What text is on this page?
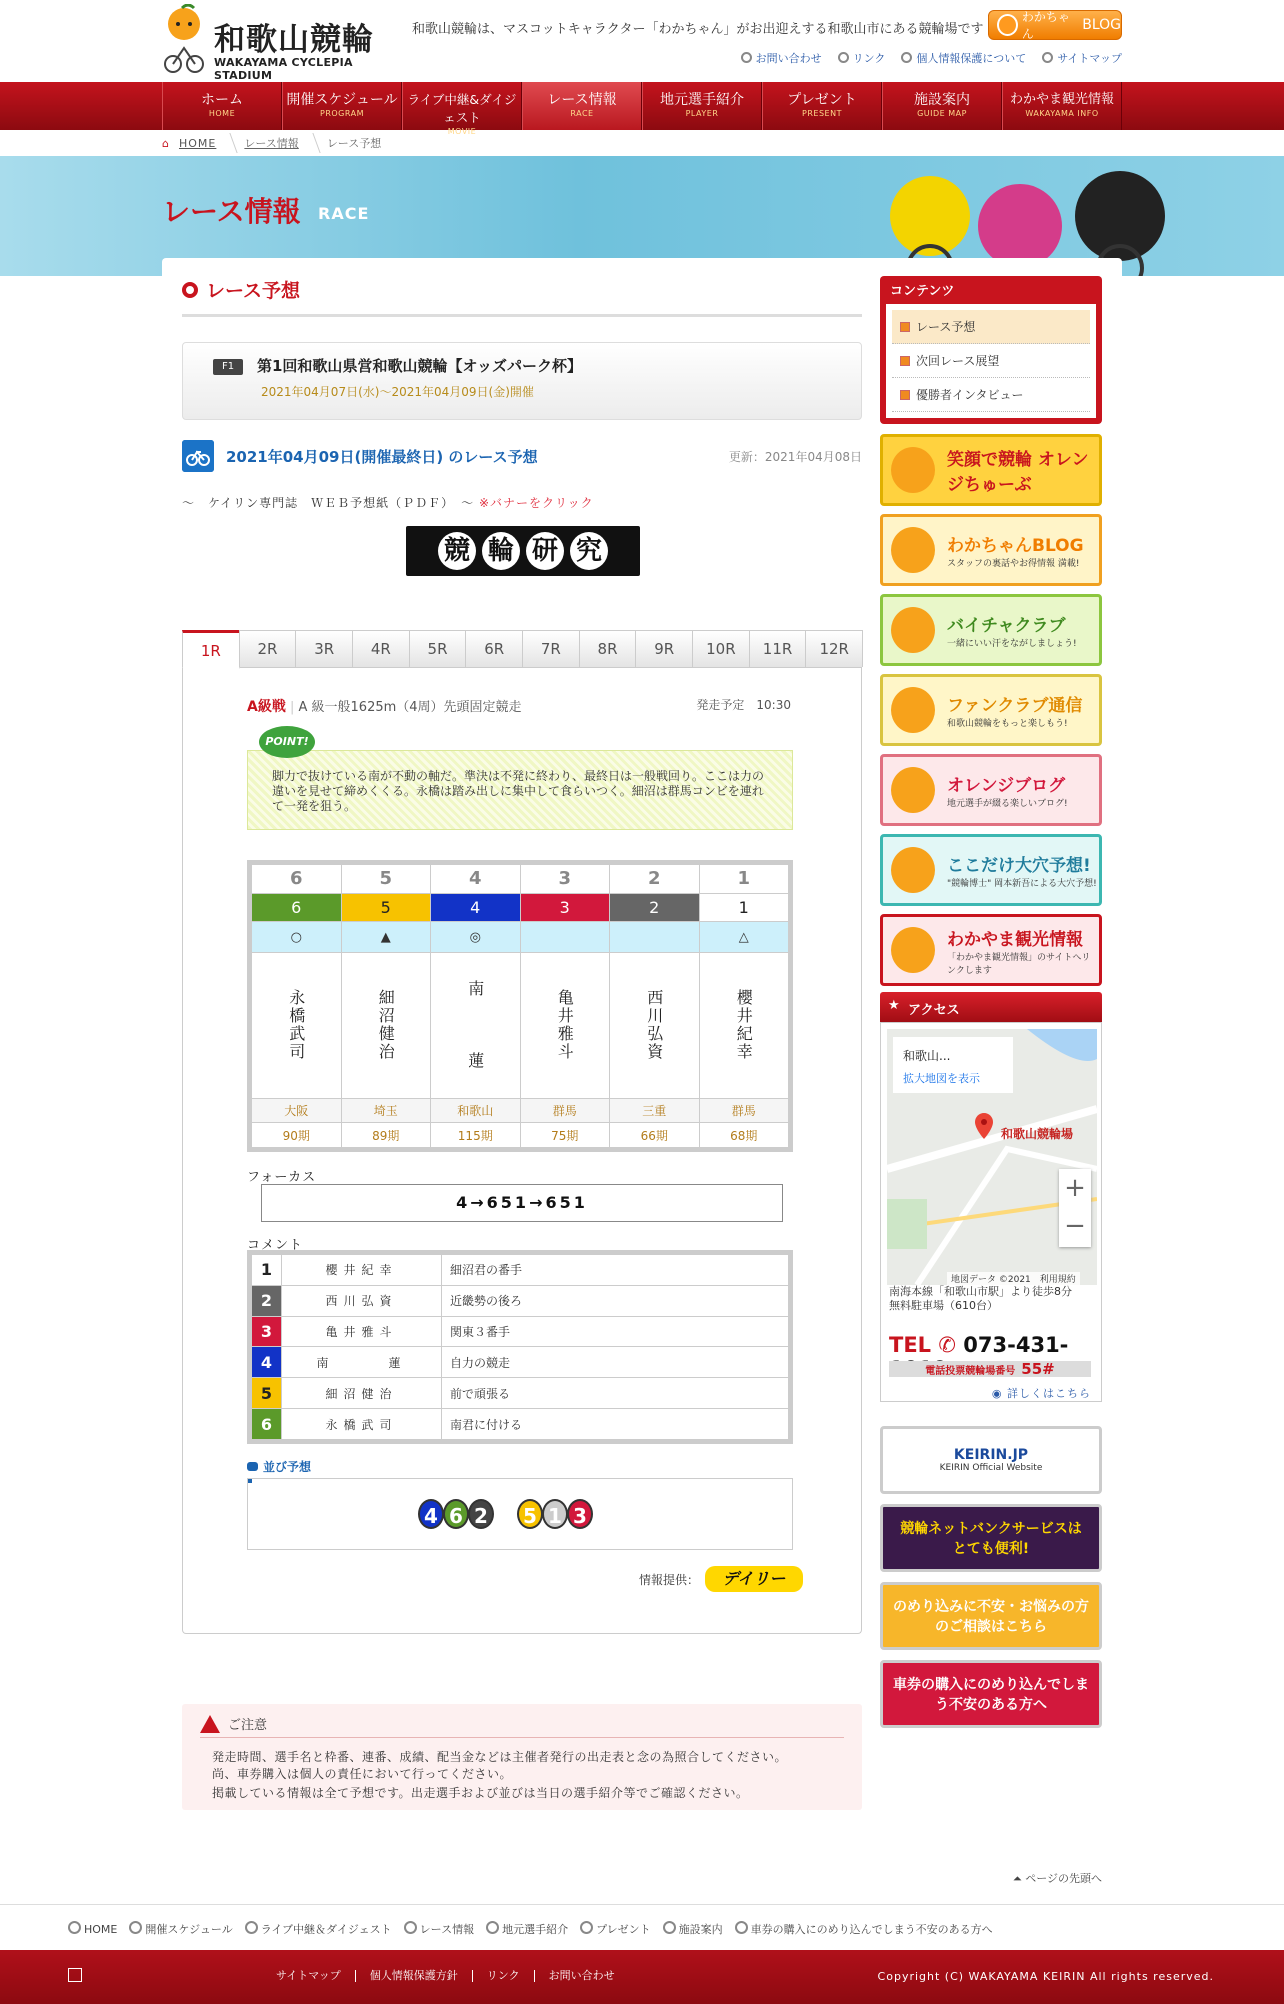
和歌山競輪
WAKAYAMA CYCLEPIA STADIUM
和歌山競輪は、マスコットキャラクター「わかちゃん」がお出迎えする和歌山市にある競輪場です
わかちゃん
BLOG
お問い合わせ	リンク	個人情報保護について	サイトマップ
ホーム
HOME
開催スケジュール
PROGRAM
ライブ中継&ダイジェスト
MOVIE
レース情報
RACE
地元選手紹介
PLAYER
プレゼント
PRESENT
施設案内
GUIDE MAP
わかやま観光情報
WAKAYAMA INFO
⌂ HOME	レース情報	レース予想
レース情報 RACE
レース予想
F1	第1回和歌山県営和歌山競輪【オッズパーク杯】
2021年04月07日(水)～2021年04月09日(金)開催
2021年04月09日(開催最終日) のレース予想	更新：2021年04月08日
～　ケイリン専門誌　ＷＥＢ予想紙（ＰＤＦ）　～ ※バナーをクリック
競 輪 研 究
1R	2R	3R	4R	5R	6R	7R	8R	9R	10R	11R	12R
A級戦 | A 級一般1625m（4周）先頭固定競走	発走予定　10:30
脚力で抜けている南が不動の軸だ。準決は不発に終わり、最終日は一般戦回り。ここは力の違いを見せて締めくくる。永橋は踏み出しに集中して食らいつく。細沼は群馬コンビを連れて一発を狙う。
POINT!
6	5	4	3	2	1
6	5	4	3	2	1
○	▲	◎			△
永橋武司	細沼健治	南　　　蓮	亀井雅斗	西川弘資	櫻井紀幸
大阪	埼玉	和歌山	群馬	三重	群馬
90期	89期	115期	75期	66期	68期
フォーカス
4→651→651
コメント
1	櫻井紀幸	細沼君の番手
2	西川弘資	近畿勢の後ろ
3	亀井雅斗	関東３番手
4	南　　　蓮	自力の競走
5	細沼健治	前で頑張る
6	永橋武司	南君に付ける
並び予想
4 6 2	5 1 3
情報提供：	デイリー
ご注意

発走時間、選手名と枠番、連番、成績、配当金などは主催者発行の出走表と念の為照合してください。

尚、車券購入は個人の責任において行ってください。

掲載している情報は全て予想です。出走選手および並びは当日の選手紹介等でご確認ください。

コンテンツ
レース予想
次回レース展望
優勝者インタビュー
笑顔で競輪 オレンジちゅーぶ
わかちゃんBLOG
スタッフの裏話やお得情報 満載!
バイチャクラブ
一緒にいい汗をながしましょう!
ファンクラブ通信
和歌山競輪をもっと楽しもう!
オレンジブログ
地元選手が綴る楽しいブログ!
ここだけ大穴予想!
"競輪博士" 岡本新吾による大穴予想!
わかやま観光情報
「わかやま観光情報」のサイトへリンクします
★ アクセス
和歌山...
拡大地図を表示
和歌山競輪場
+
−
地図データ ©2021　利用規約
南海本線「和歌山市駅」より徒歩8分
無料駐車場（610台）
TEL ✆ 073-431-
電話投票競輪場番号 55#
◉ 詳しくはこちら
KEIRIN.JP
KEIRIN Official Website
競輪ネットバンクサービスは とても便利!
のめり込みに不安・お悩みの方のご相談はこちら
車券の購入にのめり込んでしまう不安のある方へ
⏶ ページの先頭へ
HOME	開催スケジュール	ライブ中継＆ダイジェスト	レース情報	地元選手紹介	プレゼント	施設案内	車券の購入にのめり込んでしまう不安のある方へ
サイトマップ	個人情報保護方針	リンク	お問い合わせ	Copyright (C) WAKAYAMA KEIRIN All rights reserved.
